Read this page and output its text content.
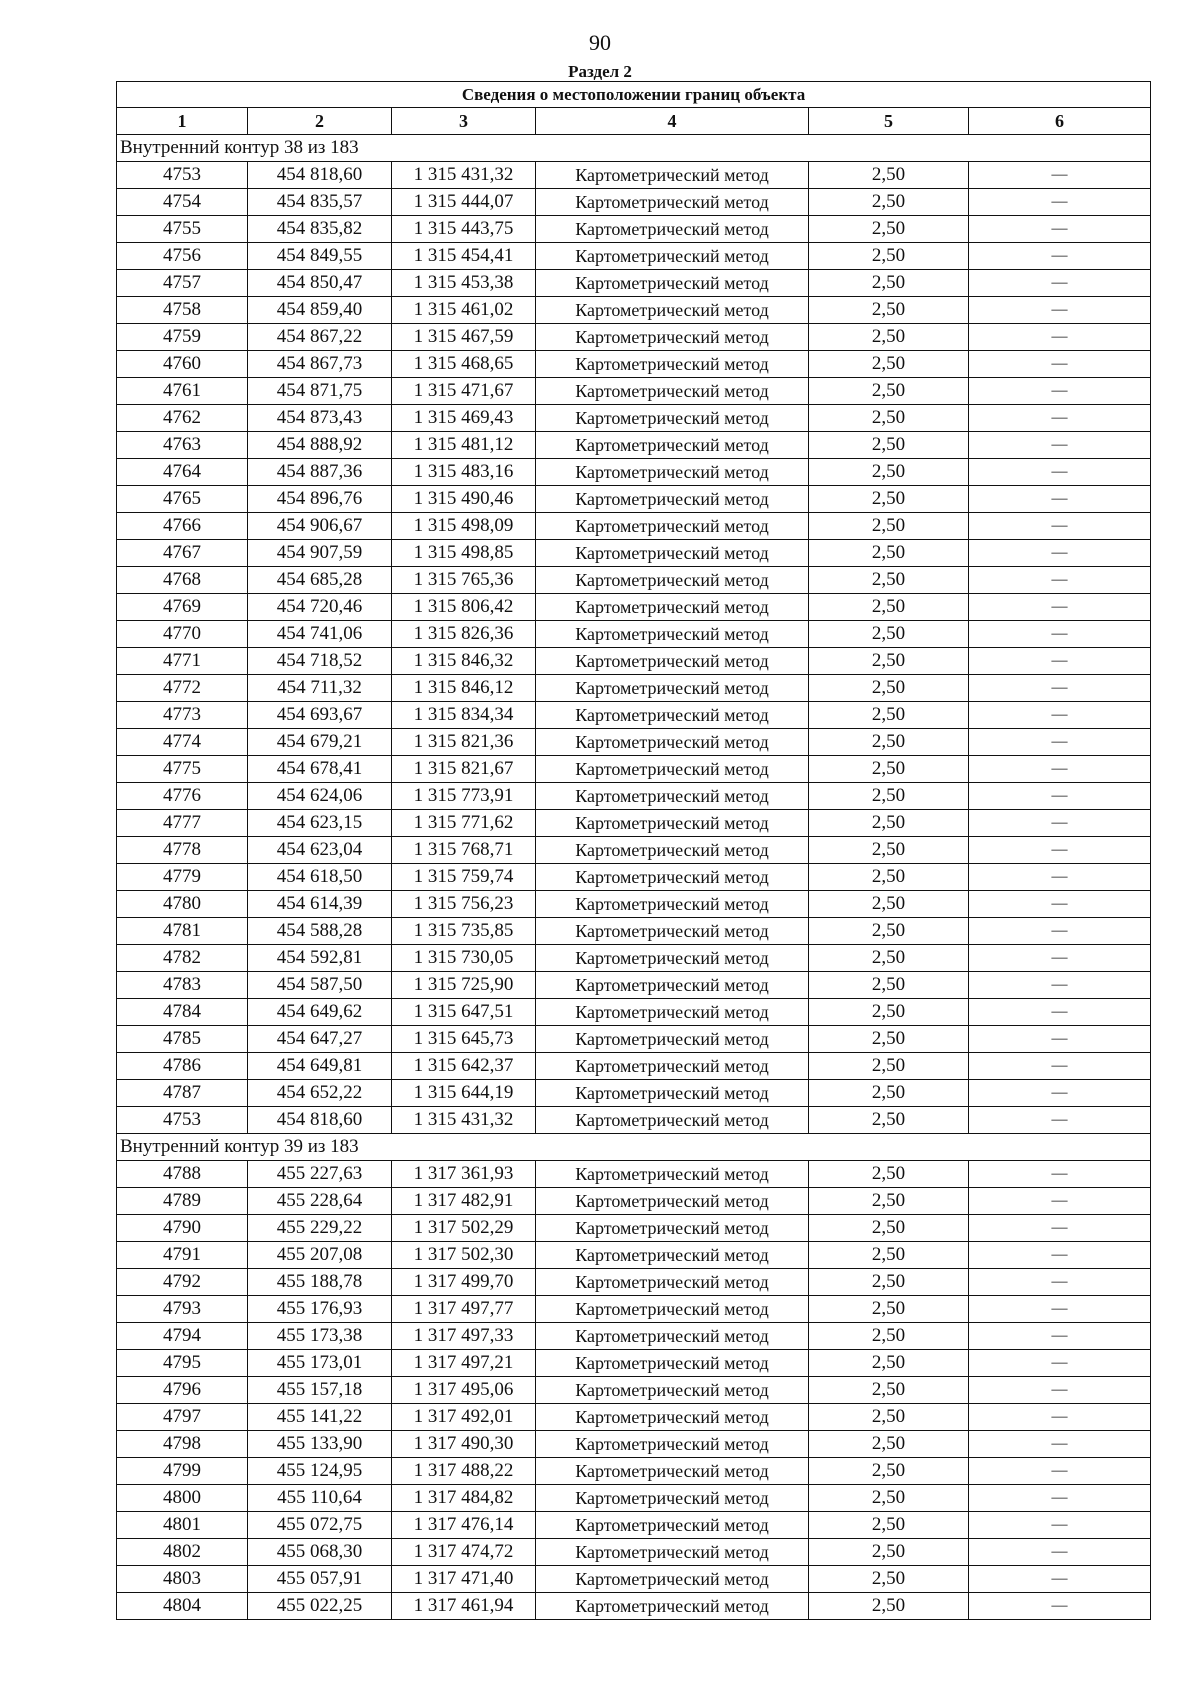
90
Раздел 2
Сведения о местоположении границ объекта					
1	2	3	4	5	6
Внутренний контур 38 из 183					
4753	454 818,60	1 315 431,32	Картометрический метод	2,50	—
4754	454 835,57	1 315 444,07	Картометрический метод	2,50	—
4755	454 835,82	1 315 443,75	Картометрический метод	2,50	—
4756	454 849,55	1 315 454,41	Картометрический метод	2,50	—
4757	454 850,47	1 315 453,38	Картометрический метод	2,50	—
4758	454 859,40	1 315 461,02	Картометрический метод	2,50	—
4759	454 867,22	1 315 467,59	Картометрический метод	2,50	—
4760	454 867,73	1 315 468,65	Картометрический метод	2,50	—
4761	454 871,75	1 315 471,67	Картометрический метод	2,50	—
4762	454 873,43	1 315 469,43	Картометрический метод	2,50	—
4763	454 888,92	1 315 481,12	Картометрический метод	2,50	—
4764	454 887,36	1 315 483,16	Картометрический метод	2,50	—
4765	454 896,76	1 315 490,46	Картометрический метод	2,50	—
4766	454 906,67	1 315 498,09	Картометрический метод	2,50	—
4767	454 907,59	1 315 498,85	Картометрический метод	2,50	—
4768	454 685,28	1 315 765,36	Картометрический метод	2,50	—
4769	454 720,46	1 315 806,42	Картометрический метод	2,50	—
4770	454 741,06	1 315 826,36	Картометрический метод	2,50	—
4771	454 718,52	1 315 846,32	Картометрический метод	2,50	—
4772	454 711,32	1 315 846,12	Картометрический метод	2,50	—
4773	454 693,67	1 315 834,34	Картометрический метод	2,50	—
4774	454 679,21	1 315 821,36	Картометрический метод	2,50	—
4775	454 678,41	1 315 821,67	Картометрический метод	2,50	—
4776	454 624,06	1 315 773,91	Картометрический метод	2,50	—
4777	454 623,15	1 315 771,62	Картометрический метод	2,50	—
4778	454 623,04	1 315 768,71	Картометрический метод	2,50	—
4779	454 618,50	1 315 759,74	Картометрический метод	2,50	—
4780	454 614,39	1 315 756,23	Картометрический метод	2,50	—
4781	454 588,28	1 315 735,85	Картометрический метод	2,50	—
4782	454 592,81	1 315 730,05	Картометрический метод	2,50	—
4783	454 587,50	1 315 725,90	Картометрический метод	2,50	—
4784	454 649,62	1 315 647,51	Картометрический метод	2,50	—
4785	454 647,27	1 315 645,73	Картометрический метод	2,50	—
4786	454 649,81	1 315 642,37	Картометрический метод	2,50	—
4787	454 652,22	1 315 644,19	Картометрический метод	2,50	—
4753	454 818,60	1 315 431,32	Картометрический метод	2,50	—
Внутренний контур 39 из 183					
4788	455 227,63	1 317 361,93	Картометрический метод	2,50	—
4789	455 228,64	1 317 482,91	Картометрический метод	2,50	—
4790	455 229,22	1 317 502,29	Картометрический метод	2,50	—
4791	455 207,08	1 317 502,30	Картометрический метод	2,50	—
4792	455 188,78	1 317 499,70	Картометрический метод	2,50	—
4793	455 176,93	1 317 497,77	Картометрический метод	2,50	—
4794	455 173,38	1 317 497,33	Картометрический метод	2,50	—
4795	455 173,01	1 317 497,21	Картометрический метод	2,50	—
4796	455 157,18	1 317 495,06	Картометрический метод	2,50	—
4797	455 141,22	1 317 492,01	Картометрический метод	2,50	—
4798	455 133,90	1 317 490,30	Картометрический метод	2,50	—
4799	455 124,95	1 317 488,22	Картометрический метод	2,50	—
4800	455 110,64	1 317 484,82	Картометрический метод	2,50	—
4801	455 072,75	1 317 476,14	Картометрический метод	2,50	—
4802	455 068,30	1 317 474,72	Картометрический метод	2,50	—
4803	455 057,91	1 317 471,40	Картометрический метод	2,50	—
4804	455 022,25	1 317 461,94	Картометрический метод	2,50	—
